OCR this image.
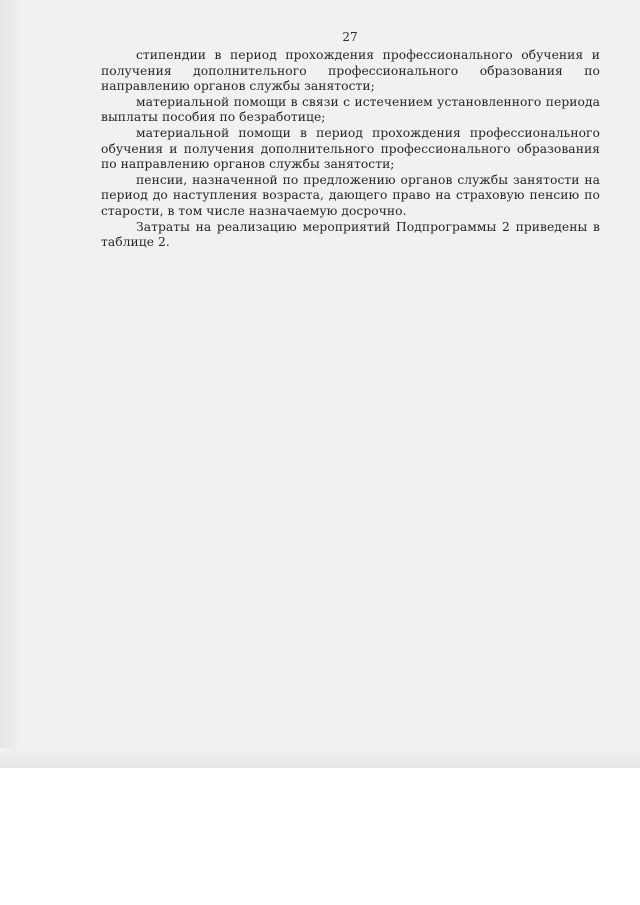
27

стипендии в период прохождения профессионального обучения и получения дополнительного профессионального образования по направлению органов службы занятости;

материальной помощи в связи с истечением установленного периода выплаты пособия по безработице;

материальной помощи в период прохождения профессионального обучения и получения дополнительного профессионального образования по направлению органов службы занятости;

пенсии, назначенной по предложению органов службы занятости на период до наступления возраста, дающего право на страховую пенсию по старости, в том числе назначаемую досрочно.

Затраты на реализацию мероприятий Подпрограммы 2 приведены в таблице 2.
